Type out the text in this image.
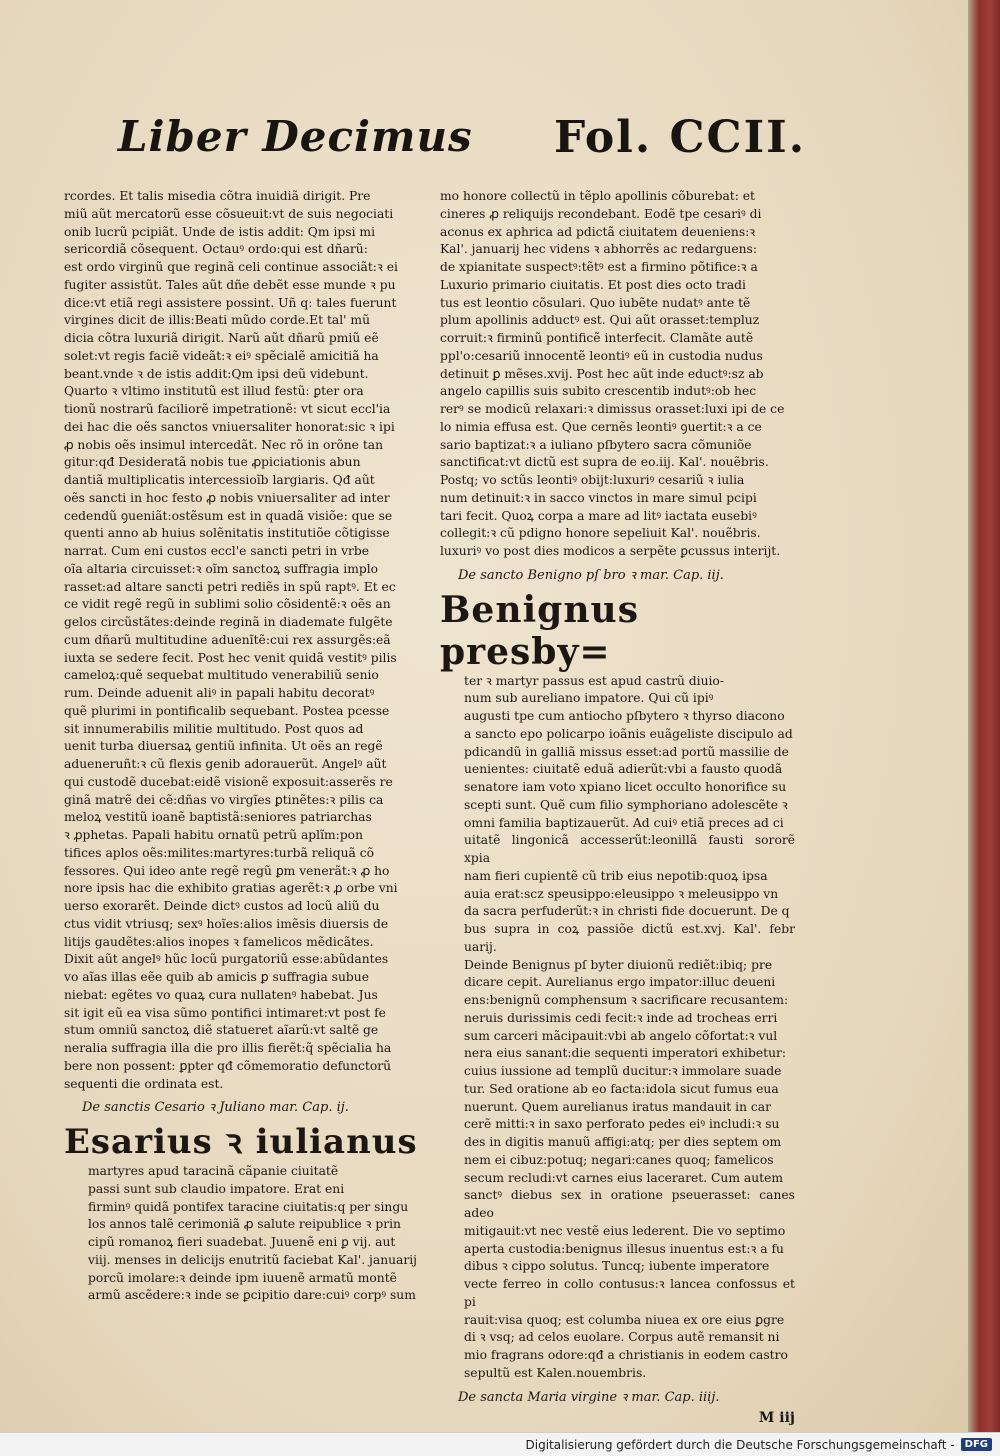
Liber Decimus Fol. CCII.

rcordes. Et talis misedia cõtra inuidiã dirigit. Pre
miũ aũt mercatorũ esse cõsueuit:vt de suis negociati
onib lucrũ pcipiãt. Unde de istis addit: Qm ipsi mi
sericordiã cõsequent. Octauꝰ ordo:qui est dñarũ:
est ordo virginũ que reginã celi continue associãt:ꝛ ei
fugiter assistũt. Tales aũt dñe debẽt esse munde ꝛ pu
dice:vt etiã regi assistere possint. Uñ q: tales fuerunt
virgines dicit de illis:Beati mũdo corde.Et tal' mũ
dicia cõtra luxuriã dirigit. Narũ aũt dñarũ pmiũ eẽ
solet:vt regis faciẽ videãt:ꝛ eiꝰ spẽcialẽ amicitiã ha
beant.vnde ꝛ de istis addit:Qm ipsi deũ videbunt.
Quarto ꝛ vltimo institutũ est illud festũ: ꝑter ora
tionũ nostrarũ faciliorẽ impetrationẽ: vt sicut eccl'ia
dei hac die oẽs sanctos vniuersaliter honorat:sic ꝛ ipi
ꝓ nobis oẽs insimul intercedãt. Nec rõ in orõne tan
gitur:qđ Desideratã nobis tue ꝓpiciationis abun
dantiã multiplicatis intercessioĩb largiaris. Qđ aũt
oẽs sancti in hoc festo ꝓ nobis vniuersaliter ad inter
cedendũ ꝯueniãt:ostẽsum est in quadã visiõe: que se
quenti anno ab huius solẽnitatis institutiõe cõtigisse
narrat. Cum eni custos eccl'e sancti petri in vrbe
oĩa altaria circuisset:ꝛ oĩm sanctoꝝ suffragia implo
rasset:ad altare sancti petri rediẽs in spũ raptꝰ. Et ec
ce vidit regẽ regũ in sublimi solio cõsidentẽ:ꝛ oẽs an
gelos circũstãtes:deinde reginã in diademate fulgẽte
cum dñarũ multitudine aduenĩtẽ:cui rex assurgẽs:eã
iuxta se sedere fecit. Post hec venit quidã vestitꝰ pilis
cameloꝝ:quẽ sequebat multitudo venerabiliũ senio
rum. Deinde aduenit aliꝰ in papali habitu decoratꝰ
quẽ plurimi in pontificalib sequebant. Postea pcesse
sit innumerabilis militie multitudo. Post quos ad
uenit turba diuersaꝝ gentiũ infinita. Ut oẽs an regẽ
adueneruñt:ꝛ cũ flexis genib adorauerũt. Angelꝰ aũt
qui custodẽ ducebat:eidẽ visionẽ exposuit:asserẽs re
ginã matrẽ dei cẽ:dñas vo virgĩes ꝑtinẽtes:ꝛ pilis ca
meloꝝ vestitũ ioanẽ baptistã:seniores patriarchas
ꝛ ꝓphetas. Papali habitu ornatũ petrũ aplĩm:pon
tifices aplos oẽs:milites:martyres:turbã reliquã cõ
fessores. Qui ideo ante regẽ regũ ꝑm venerãt:ꝛ ꝓ ho
nore ipsis hac die exhibito gratias agerẽt:ꝛ ꝓ orbe vni
uerso exorarẽt. Deinde dictꝰ custos ad locũ aliũ du
ctus vidit vtriusq; sexꝰ hoĩes:alios imẽsis diuersis de
litijs gaudẽtes:alios inopes ꝛ famelicos mẽdicãtes.
Dixit aũt angelꝰ hũc locũ purgatoriũ esse:abũdantes
vo aĩas illas eẽe quib ab amicis ꝑ suffragia subue
niebat: egẽtes vo quaꝝ cura nullatenꝰ habebat. Jus
sit igit eũ ea visa sũmo pontifici intimaret:vt post fe
stum omniũ sanctoꝝ diẽ statueret aĩarũ:vt saltẽ ge
neralia suffragia illa die pro illis fierẽt:q̃ spẽcialia ha
bere non possent: ꝑpter qđ cõmemoratio defunctorũ
sequenti die ordinata est.

De sanctis Cesario ꝛ Juliano mar. Cap. ij.

Esarius ꝛ iulianus

martyres apud taracinã cãpanie ciuitatẽ
passi sunt sub claudio impatore. Erat eni
firminꝰ quidã pontifex taracine ciuitatis:q per singu
los annos talẽ cerimoniã ꝓ salute reipublice ꝛ prin
cipũ romanoꝝ fieri suadebat. Juuenẽ eni ꝑ vij. aut
viij. menses in delicijs enutritũ faciebat Kal'. januarij
porcũ imolare:ꝛ deinde ipm iuuenẽ armatũ montẽ
armũ ascẽdere:ꝛ inde se ꝑcipitio dare:cuiꝰ corpꝰ sum

mo honore collectũ in tẽplo apollinis cõburebat: et
cineres ꝓ reliquijs recondebant. Eodẽ tpe cesariꝰ di
aconus ex aphrica ad pdictã ciuitatem deueniens:ꝛ
Kal'. januarij hec videns ꝛ abhorrẽs ac redarguens:
de xpianitate suspectꝰ:tẽtꝰ est a firmino põtifice:ꝛ a
Luxurio primario ciuitatis. Et post dies octo tradi
tus est leontio cõsulari. Quo iubẽte nudatꝰ ante tẽ
plum apollinis adductꝰ est. Qui aũt orasset:templuz
corruit:ꝛ firminũ pontificẽ interfecit. Clamãte autẽ
ppl'o:cesariũ innocentẽ leontiꝰ eũ in custodia nudus
detinuit ꝑ mẽses.xvij. Post hec aũt inde eductꝰ:sz ab
angelo capillis suis subito crescentib indutꝰ:ob hec
rerꝰ se modicũ relaxari:ꝛ dimissus orasset:luxi ipi de ce
lo nimia effusa est. Que cernẽs leontiꝰ ꝯuertit:ꝛ a ce
sario baptizat:ꝛ a iuliano pſbytero sacra cõmuniõe
sanctificat:vt dictũ est supra de eo.iij. Kal'. nouẽbris.
Postq; vo sctũs leontiꝰ obijt:luxuriꝰ cesariũ ꝛ iulia
num detinuit:ꝛ in sacco vinctos in mare simul pcipi
tari fecit. Quoꝝ corpa a mare ad litꝰ iactata eusebiꝰ
collegit:ꝛ cũ pdigno honore sepeliuit Kal'. nouẽbris.
luxuriꝰ vo post dies modicos a serpẽte ꝑcussus interijt.

De sancto Benigno pſ bro ꝛ mar. Cap. iij.

Benignus presby=

ter ꝛ martyr passus est apud castrũ diuio-
num sub aureliano impatore. Qui cũ ipiꝰ
augusti tpe cum antiocho pſbytero ꝛ thyrso diacono
a sancto epo policarpo ioãnis euãgeliste discipulo ad
pdicandũ in galliã missus esset:ad portũ massilie de
uenientes: ciuitatẽ eduã adierũt:vbi a fausto quodã
senatore iam voto xpiano licet occulto honorifice su
scepti sunt. Quẽ cum filio symphoriano adolescẽte ꝛ
omni familia baptizauerũt. Ad cuiꝰ etiã preces ad ci
uitatẽ lingonicã accesserũt:leonillã fausti sororẽ xpia
nam fieri cupientẽ cũ trib eius nepotib:quoꝝ ipsa
auia erat:scz speusippo:eleusippo ꝛ meleusippo vn
da sacra perfuderũt:ꝛ in christi fide docuerunt. De q
bus supra in coꝝ passiõe dictũ est.xvj. Kal'. febr uarij.
Deinde Benignus pſ byter diuionũ rediẽt:ibiq; pre
dicare cepit. Aurelianus ergo impator:illuc deueni
ens:benignũ comphensum ꝛ sacrificare recusantem:
neruis durissimis cedi fecit:ꝛ inde ad trocheas erri
sum carceri mãcipauit:vbi ab angelo cõfortat:ꝛ vul
nera eius sanant:die sequenti imperatori exhibetur:
cuius iussione ad templũ ducitur:ꝛ immolare suade
tur. Sed oratione ab eo facta:idola sicut fumus eua
nuerunt. Quem aurelianus iratus mandauit in car
cerẽ mitti:ꝛ in saxo perforato pedes eiꝰ includi:ꝛ su
des in digitis manuũ affigi:atq; per dies septem om
nem ei cibuz:potuq; negari:canes quoq; famelicos
secum recludi:vt carnes eius laceraret. Cum autem
sanctꝰ diebus sex in oratione pseuerasset: canes adeo
mitigauit:vt nec vestẽ eius lederent. Die vo septimo
aperta custodia:benignus illesus inuentus est:ꝛ a fu
dibus ꝛ cippo solutus. Tuncq; iubente imperatore
vecte ferreo in collo contusus:ꝛ lancea confossus et pi
rauit:visa quoq; est columba niuea ex ore eius ꝑgre
di ꝛ vsq; ad celos euolare. Corpus autẽ remansit ni
mio fragrans odore:qđ a christianis in eodem castro
sepultũ est Kalen.nouembris.

De sancta Maria virgine ꝛ mar. Cap. iiij.

M iij

Digitalisierung gefördert durch die Deutsche Forschungsgemeinschaft -	DFG
